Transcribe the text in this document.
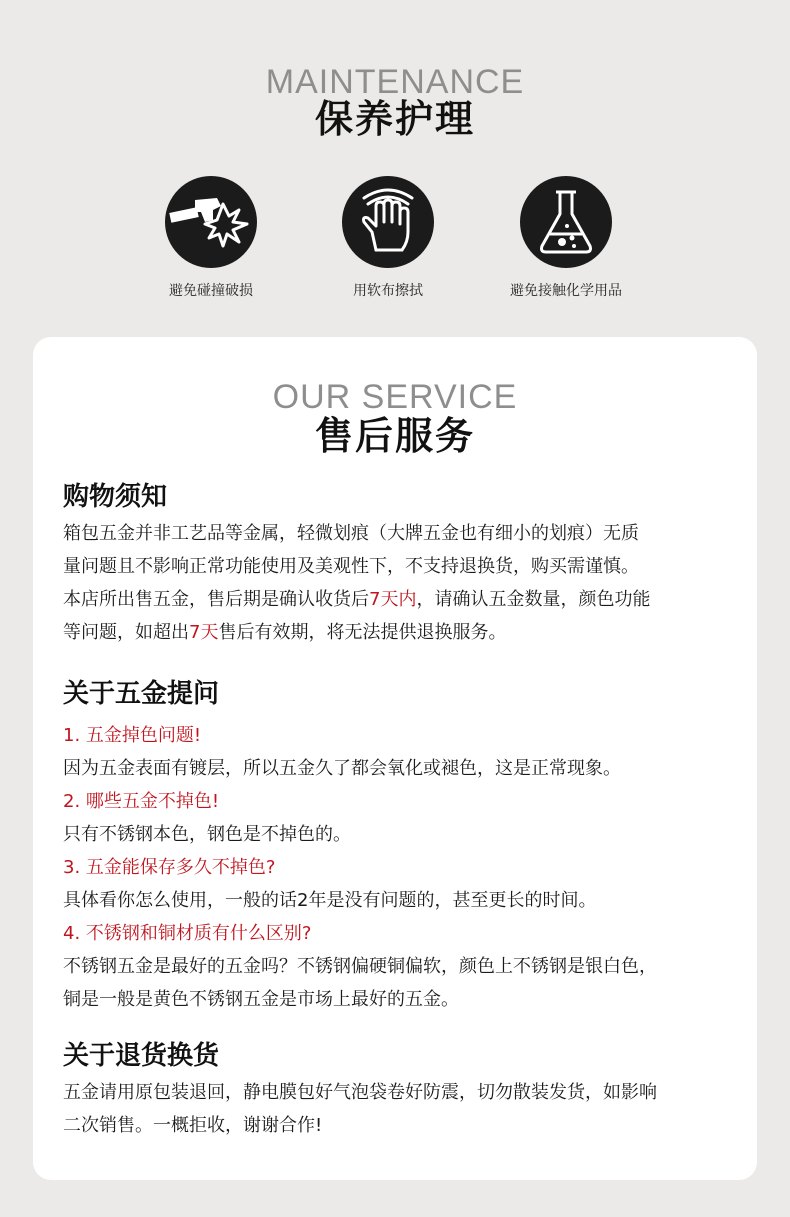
MAINTENANCE
保养护理
避免碰撞破损	用软布擦拭	避免接触化学用品
OUR SERVICE
售后服务
购物须知

箱包五金并非工艺品等金属，轻微划痕（大牌五金也有细小的划痕）无质

量问题且不影响正常功能使用及美观性下，不支持退换货，购买需谨慎。

本店所出售五金，售后期是确认收货后7天内，请确认五金数量，颜色功能

等问题，如超出7天售后有效期，将无法提供退换服务。

关于五金提问

1. 五金掉色问题!

因为五金表面有镀层，所以五金久了都会氧化或褪色，这是正常现象。

2. 哪些五金不掉色!

只有不锈钢本色，钢色是不掉色的。

3. 五金能保存多久不掉色?

具体看你怎么使用，一般的话2年是没有问题的，甚至更长的时间。

4. 不锈钢和铜材质有什么区别?

不锈钢五金是最好的五金吗？不锈钢偏硬铜偏软，颜色上不锈钢是银白色，

铜是一般是黄色不锈钢五金是市场上最好的五金。

关于退货换货

五金请用原包装退回，静电膜包好气泡袋卷好防震，切勿散装发货，如影响

二次销售。一概拒收，谢谢合作!
